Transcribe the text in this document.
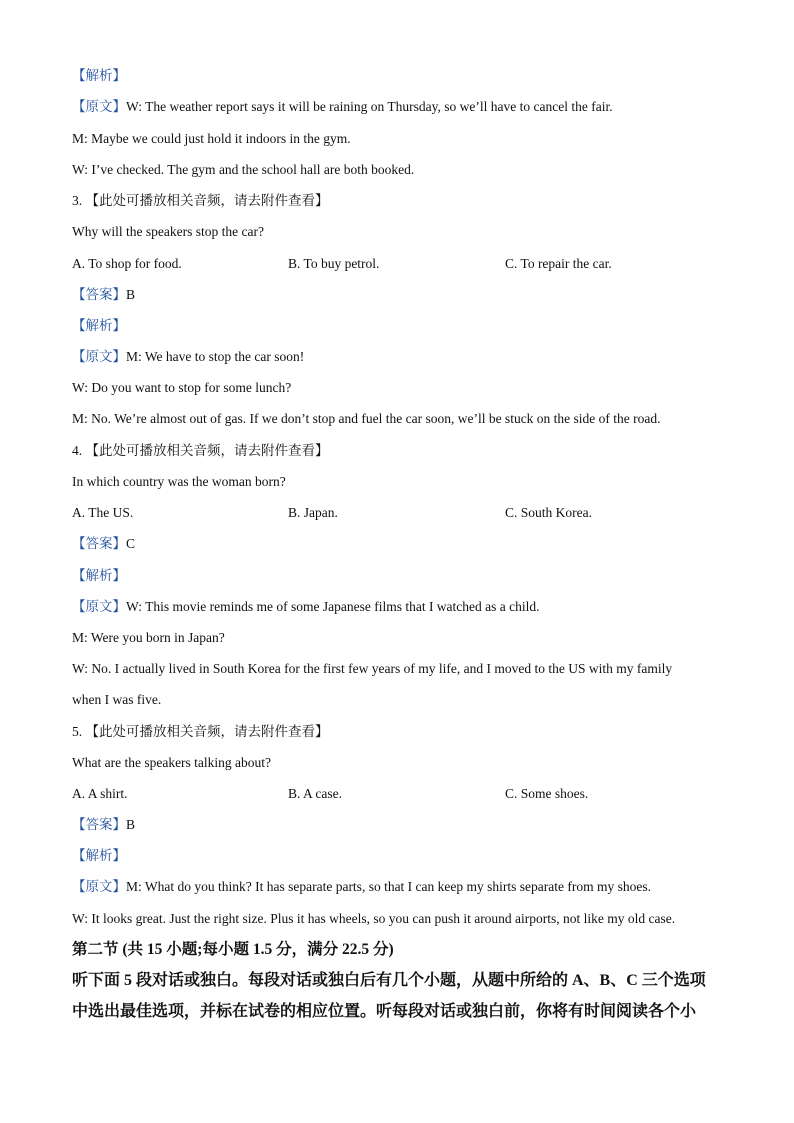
【解析】
【原文】W: The weather report says it will be raining on Thursday, so we’ll have to cancel the fair.
M: Maybe we could just hold it indoors in the gym.
W: I’ve checked. The gym and the school hall are both booked.
3. 【此处可播放相关音频，请去附件查看】
Why will the speakers stop the car?
A. To shop for food.	B. To buy petrol.	C. To repair the car.
【答案】B
【解析】
【原文】M: We have to stop the car soon!
W: Do you want to stop for some lunch?
M: No. We’re almost out of gas. If we don’t stop and fuel the car soon, we’ll be stuck on the side of the road.
4. 【此处可播放相关音频，请去附件查看】
In which country was the woman born?
A. The US.	B. Japan.	C. South Korea.
【答案】C
【解析】
【原文】W: This movie reminds me of some Japanese films that I watched as a child.
M: Were you born in Japan?
W: No. I actually lived in South Korea for the first few years of my life, and I moved to the US with my family
when I was five.
5. 【此处可播放相关音频，请去附件查看】
What are the speakers talking about?
A. A shirt.	B. A case.	C. Some shoes.
【答案】B
【解析】
【原文】M: What do you think? It has separate parts, so that I can keep my shirts separate from my shoes.
W: It looks great. Just the right size. Plus it has wheels, so you can push it around airports, not like my old case.
第二节 (共 15 小题;每小题 1.5 分，满分 22.5 分)
听下面 5 段对话或独白。每段对话或独白后有几个小题，从题中所给的 A、B、C 三个选项
中选出最佳选项，并标在试卷的相应位置。听每段对话或独白前，你将有时间阅读各个小
